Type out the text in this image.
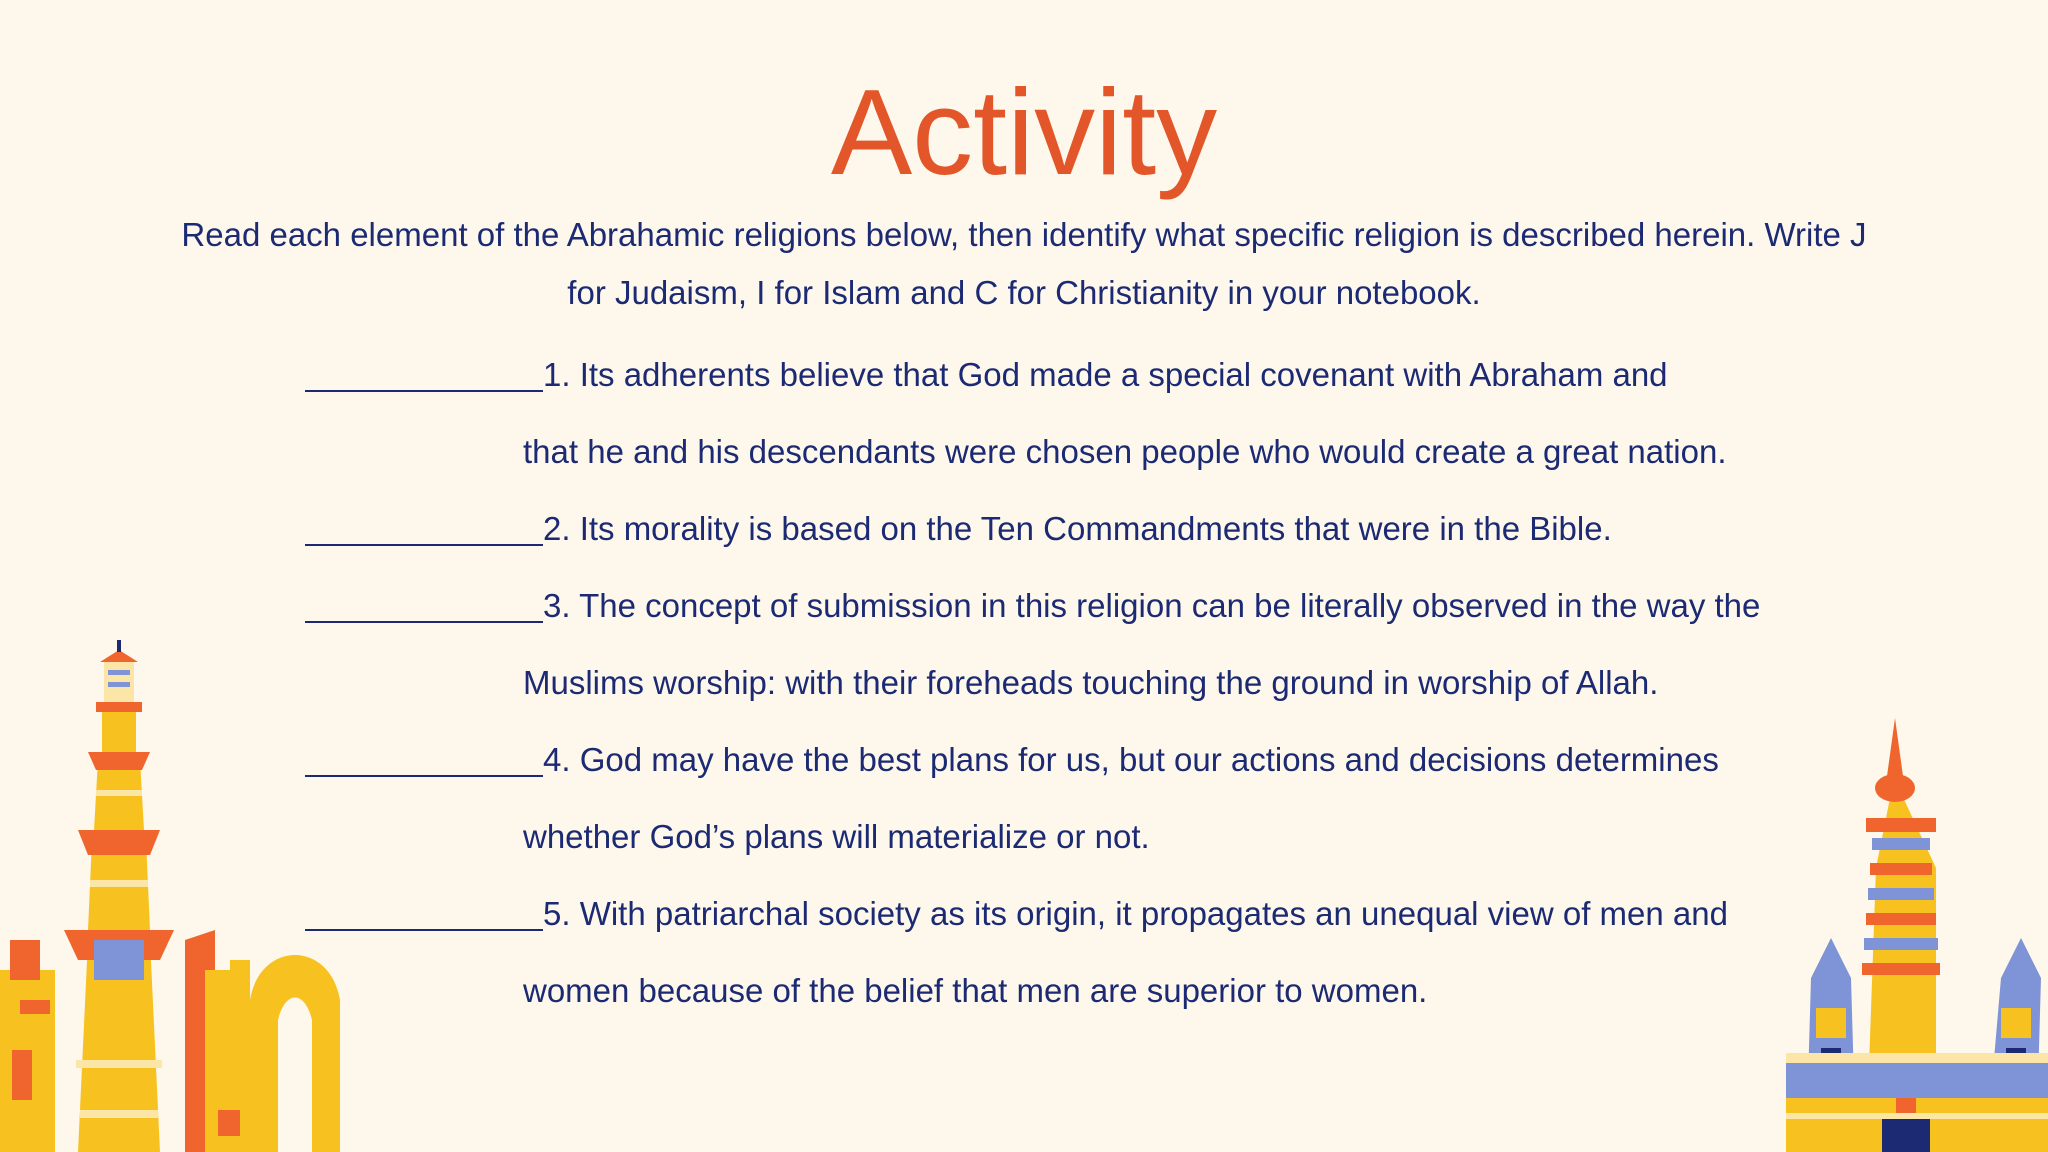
Activity
Read each element of the Abrahamic religions below, then identify what specific religion is described herein. Write J
for Judaism, I for Islam and C for Christianity in your notebook.
1. Its adherents believe that God made a special covenant with Abraham and
that he and his descendants were chosen people who would create a great nation.
2. Its morality is based on the Ten Commandments that were in the Bible.
3. The concept of submission in this religion can be literally observed in the way the
Muslims worship: with their foreheads touching the ground in worship of Allah.
4. God may have the best plans for us, but our actions and decisions determines
whether God’s plans will materialize or not.
5. With patriarchal society as its origin, it propagates an unequal view of men and
women because of the belief that men are superior to women.
